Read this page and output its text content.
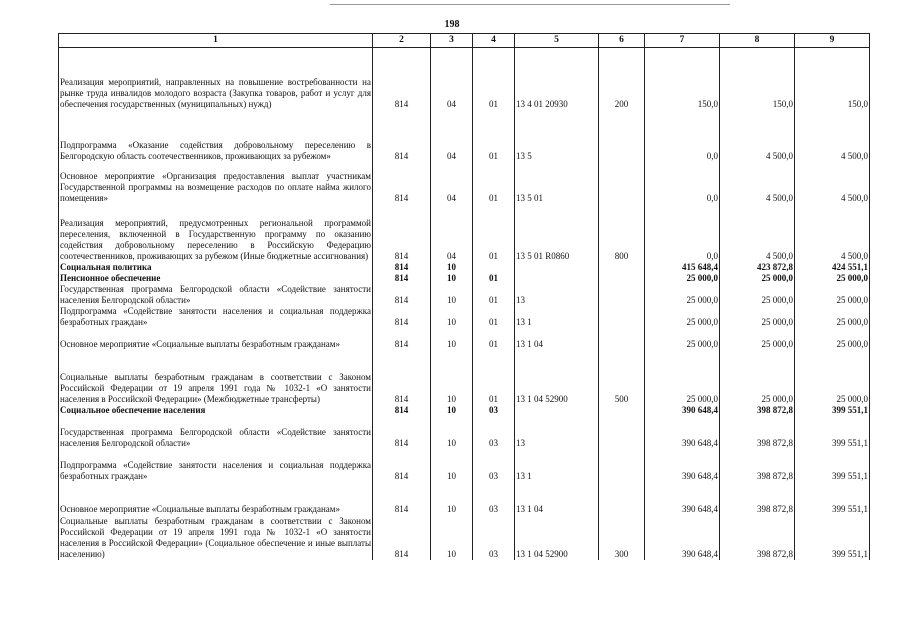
198
1	2	3	4	5	6	7	8	9
Реализация мероприятий, направленных на повышение востребованности на рынке труда инвалидов молодого возраста (Закупка товаров, работ и услуг для обеспечения государственных (муниципальных) нужд)	814	04	01	13 4 01 20930	200	150,0	150,0	150,0
Подпрограмма «Оказание содействия добровольному переселению в Белгородскую область соотечественников, проживающих за рубежом»	814	04	01	13 5		0,0	4 500,0	4 500,0
Основное мероприятие «Организация предоставления выплат участникам Государственной программы на возмещение расходов по оплате найма жилого помещения»	814	04	01	13 5 01		0,0	4 500,0	4 500,0
Реализация мероприятий, предусмотренных региональной программой переселения, включенной в Государственную программу по оказанию содействия добровольному переселению в Российскую Федерацию соотечественников, проживающих за рубежом (Иные бюджетные ассигнования)	814	04	01	13 5 01 R0860	800	0,0	4 500,0	4 500,0
Социальная политика	814	10				415 648,4	423 872,8	424 551,1
Пенсионное обеспечение	814	10	01			25 000,0	25 000,0	25 000,0
Государственная программа Белгородской области «Содействие занятости населения Белгородской области»	814	10	01	13		25 000,0	25 000,0	25 000,0
Подпрограмма «Содействие занятости населения и социальная поддержка безработных граждан»	814	10	01	13 1		25 000,0	25 000,0	25 000,0
Основное мероприятие «Социальные выплаты безработным гражданам»	814	10	01	13 1 04		25 000,0	25 000,0	25 000,0
Социальные выплаты безработным гражданам в соответствии с Законом Российской Федерации от 19 апреля 1991 года № 1032-1 «О занятости населения в Российской Федерации» (Межбюджетные трансферты)	814	10	01	13 1 04 52900	500	25 000,0	25 000,0	25 000,0
Социальное обеспечение населения	814	10	03			390 648,4	398 872,8	399 551,1
Государственная программа Белгородской области «Содействие занятости населения Белгородской области»	814	10	03	13		390 648,4	398 872,8	399 551,1
Подпрограмма «Содействие занятости населения и социальная поддержка безработных граждан»	814	10	03	13 1		390 648,4	398 872,8	399 551,1
Основное мероприятие «Социальные выплаты безработным гражданам»	814	10	03	13 1 04		390 648,4	398 872,8	399 551,1
Социальные выплаты безработным гражданам в соответствии с Законом Российской Федерации от 19 апреля 1991 года № 1032-1 «О занятости населения в Российской Федерации» (Социальное обеспечение и иные выплаты населению)	814	10	03	13 1 04 52900	300	390 648,4	398 872,8	399 551,1
